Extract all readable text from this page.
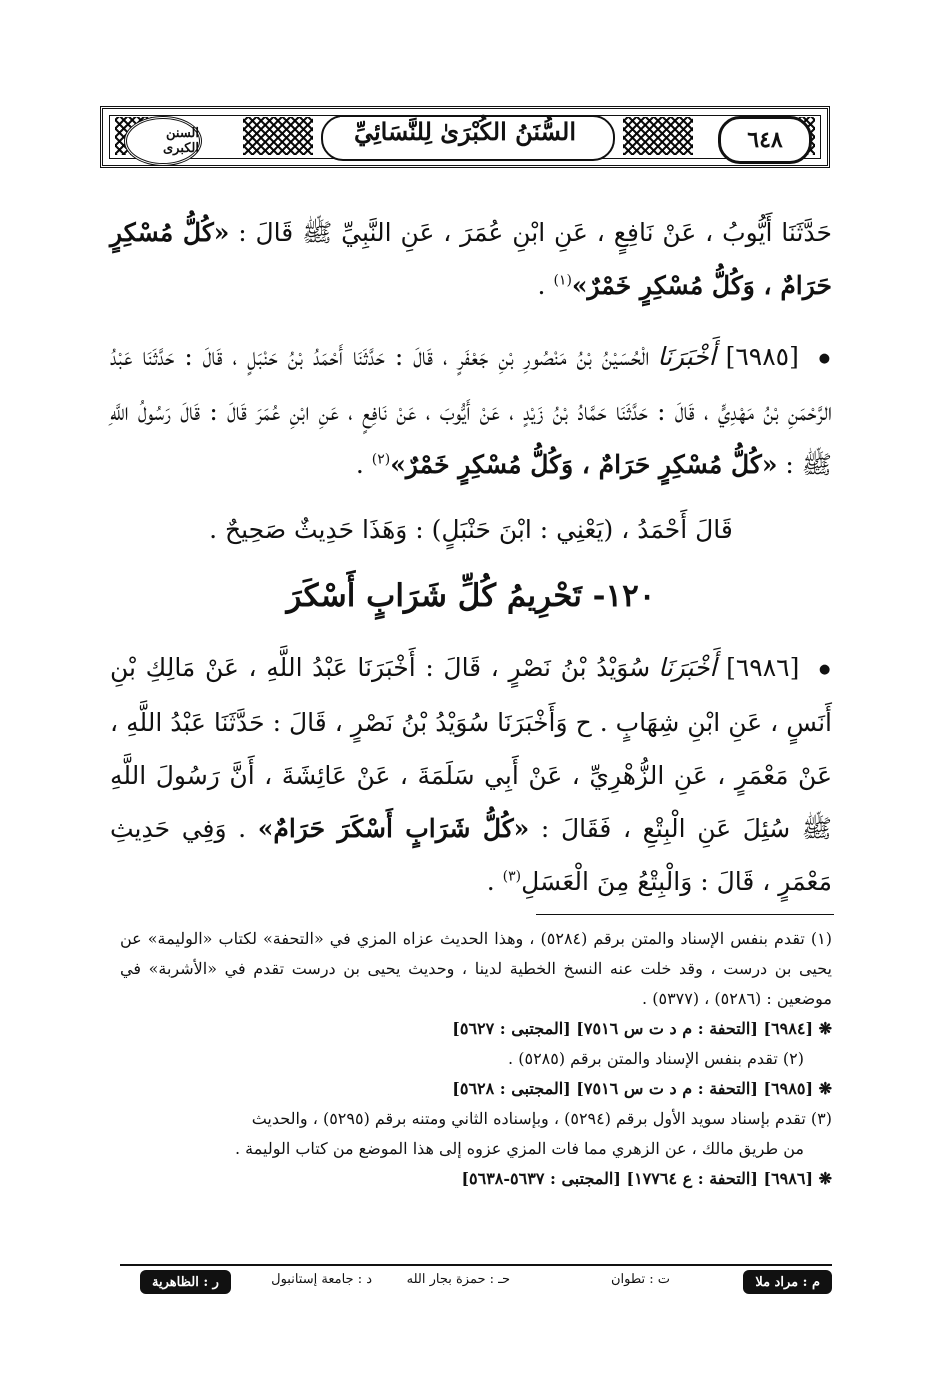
السُّنَنُ الكُبْرَىٰ لِلنَّسَائِيِّ
السنن الكبرى	٦٤٨

حَدَّثَنَا أَيُّوبُ ، عَنْ نَافِعٍ ، عَنِ ابْنِ عُمَرَ ، عَنِ النَّبِيِّ ﷺ قَالَ : «كُلُّ مُسْكِرٍ حَرَامٌ ، وَكُلُّ مُسْكِرٍ خَمْرٌ»$^{(١)}$ .

● [٦٩٨٥] أَخْبَرَنَا الْحُسَيْنُ بْنُ مَنْصُورِ بْنِ جَعْفَرٍ ، قَالَ : حَدَّثَنَا أَحْمَدُ بْنُ حَنْبَلٍ ، قَالَ : حَدَّثَنَا عَبْدُ الرَّحْمَنِ بْنُ مَهْدِيٍّ ، قَالَ : حَدَّثَنَا حَمَّادُ بْنُ زَيْدٍ ، عَنْ أَيُّوبَ ، عَنْ نَافِعٍ ، عَنِ ابْنِ عُمَرَ قَالَ : قَالَ رَسُولُ اللَّهِ ﷺ : «كُلُّ مُسْكِرٍ حَرَامٌ ، وَكُلُّ مُسْكِرٍ خَمْرٌ»$^{(٢)}$ .

قَالَ أَحْمَدُ ، (يَعْنِي : ابْنَ حَنْبَلٍ) : وَهَذَا حَدِيثٌ صَحِيحٌ .

١٢٠- تَحْرِيمُ كُلِّ شَرَابٍ أَسْكَرَ

● [٦٩٨٦] أَخْبَرَنَا سُوَيْدُ بْنُ نَصْرٍ ، قَالَ : أَخْبَرَنَا عَبْدُ اللَّهِ ، عَنْ مَالِكِ بْنِ أَنَسٍ ، عَنِ ابْنِ شِهَابٍ . ح وَأَخْبَرَنَا سُوَيْدُ بْنُ نَصْرٍ ، قَالَ : حَدَّثَنَا عَبْدُ اللَّهِ ، عَنْ مَعْمَرٍ ، عَنِ الزُّهْرِيِّ ، عَنْ أَبِي سَلَمَةَ ، عَنْ عَائِشَةَ ، أَنَّ رَسُولَ اللَّهِ ﷺ سُئِلَ عَنِ الْبِتْعِ ، فَقَالَ : «كُلُّ شَرَابٍ أَسْكَرَ حَرَامٌ» . وَفِي حَدِيثِ مَعْمَرٍ ، قَالَ : وَالْبِتْعُ مِنَ الْعَسَلِ$^{(٣)}$ .

(١) تقدم بنفس الإسناد والمتن برقم (٥٢٨٤) ، وهذا الحديث عزاه المزي في «التحفة» لكتاب «الوليمة» عن يحيى بن درست ، وقد خلت عنه النسخ الخطية لدينا ، وحديث يحيى بن درست تقدم في «الأشربة» في موضعين : (٥٢٨٦) ، (٥٣٧٧) .

❋ [٦٩٨٤] [التحفة : م د ت س ٧٥١٦] [المجتبى : ٥٦٢٧]

(٢) تقدم بنفس الإسناد والمتن برقم (٥٢٨٥) .

❋ [٦٩٨٥] [التحفة : م د ت س ٧٥١٦] [المجتبى : ٥٦٢٨]

(٣) تقدم بإسناد سويد الأول برقم (٥٢٩٤) ، وبإسناده الثاني ومتنه برقم (٥٢٩٥) ، والحديث

من طريق مالك ، عن الزهري مما فات المزي عزوه إلى هذا الموضع من كتاب الوليمة .

❋ [٦٩٨٦] [التحفة : ع ١٧٧٦٤] [المجتبى : ٥٦٣٧-٥٦٣٨]

م : مراد ملا
ت : تطوان
حـ : حمزة بجار الله
د : جامعة إستانبول
ر : الظاهرية
